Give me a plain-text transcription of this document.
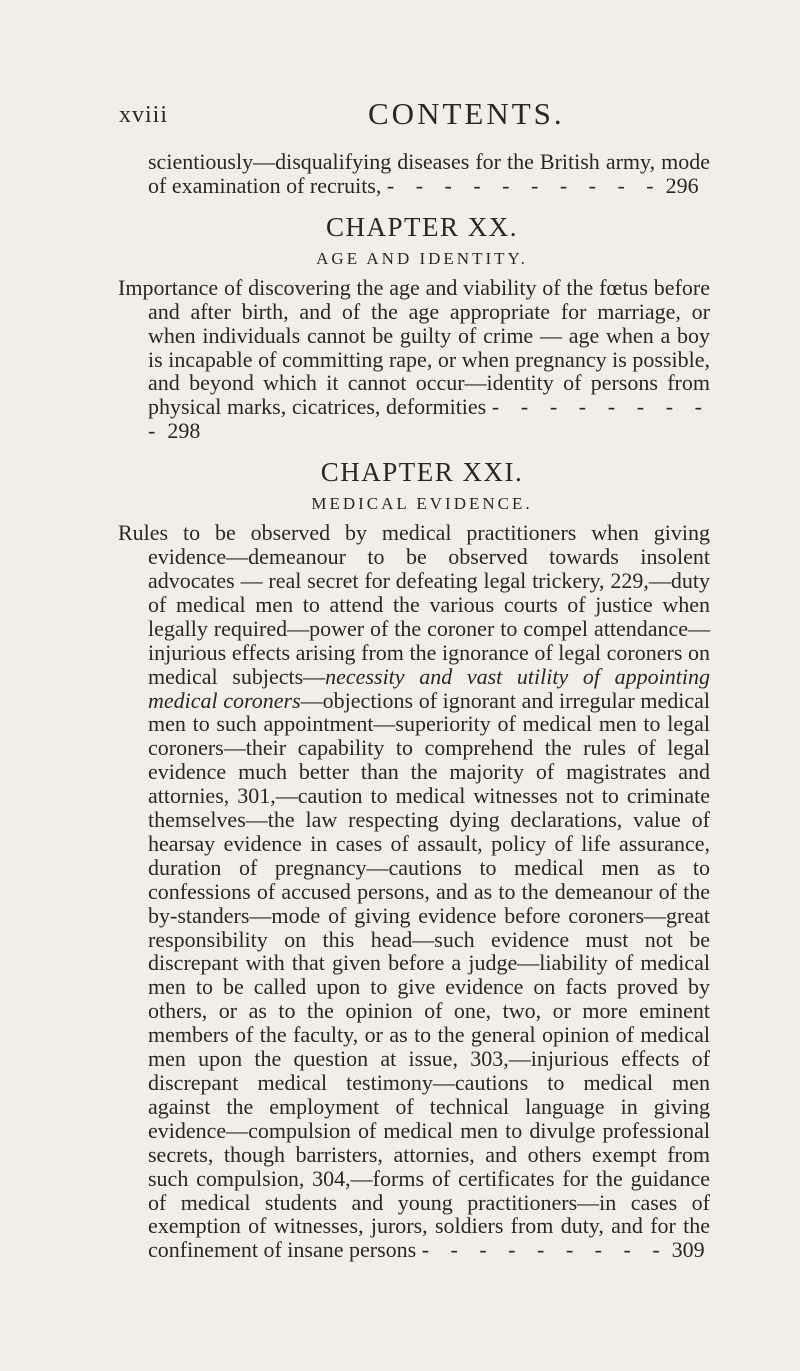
xviii	CONTENTS.

scientiously—disqualifying diseases for the British army, mode of examination of recruits, - - - - - - - - - - 296

CHAPTER XX.
AGE AND IDENTITY.

Importance of discovering the age and viability of the fœtus before and after birth, and of the age appropriate for marriage, or when individuals cannot be guilty of crime — age when a boy is incapable of committing rape, or when pregnancy is possible, and beyond which it cannot occur—identity of persons from physical marks, cicatrices, deformities - - - - - - - - - 298

CHAPTER XXI.
MEDICAL EVIDENCE.

Rules to be observed by medical practitioners when giving evidence—demeanour to be observed towards insolent advocates — real secret for defeating legal trickery, 229,—duty of medical men to attend the various courts of justice when legally required—power of the coroner to compel attendance—injurious effects arising from the ignorance of legal coroners on medical subjects—necessity and vast utility of appointing medical coroners—objections of ignorant and irregular medical men to such appointment—superiority of medical men to legal coroners—their capability to comprehend the rules of legal evidence much better than the majority of magistrates and attornies, 301,—caution to medical witnesses not to criminate themselves—the law respecting dying declarations, value of hearsay evidence in cases of assault, policy of life assurance, duration of pregnancy—cautions to medical men as to confessions of accused persons, and as to the demeanour of the by-standers—mode of giving evidence before coroners—great responsibility on this head—such evidence must not be discrepant with that given before a judge—liability of medical men to be called upon to give evidence on facts proved by others, or as to the opinion of one, two, or more eminent members of the faculty, or as to the general opinion of medical men upon the question at issue, 303,—injurious effects of discrepant medical testimony—cautions to medical men against the employment of technical language in giving evidence—compulsion of medical men to divulge professional secrets, though barristers, attornies, and others exempt from such compulsion, 304,—forms of certificates for the guidance of medical students and young practitioners—in cases of exemption of witnesses, jurors, soldiers from duty, and for the confinement of insane persons - - - - - - - - - 309
